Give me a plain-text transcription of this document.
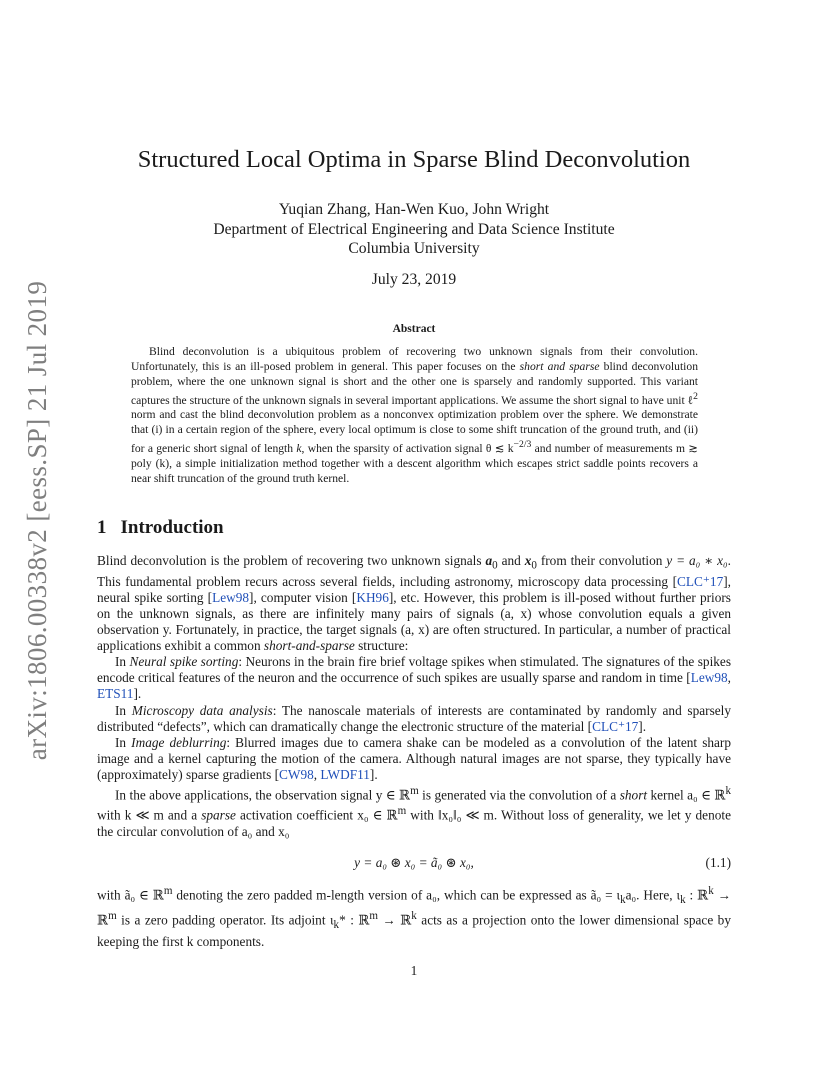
arXiv:1806.00338v2 [eess.SP] 21 Jul 2019
Structured Local Optima in Sparse Blind Deconvolution
Yuqian Zhang, Han-Wen Kuo, John Wright
Department of Electrical Engineering and Data Science Institute
Columbia University
July 23, 2019
Abstract

Blind deconvolution is a ubiquitous problem of recovering two unknown signals from their convolution. Unfortunately, this is an ill-posed problem in general. This paper focuses on the short and sparse blind deconvolution problem, where the one unknown signal is short and the other one is sparsely and randomly supported. This variant captures the structure of the unknown signals in several important applications. We assume the short signal to have unit ℓ$^2$ norm and cast the blind deconvolution problem as a nonconvex optimization problem over the sphere. We demonstrate that (i) in a certain region of the sphere, every local optimum is close to some shift truncation of the ground truth, and (ii) for a generic short signal of length k, when the sparsity of activation signal θ ≲ $k^{-2/3}$ and number of measurements m ≳ poly (k), a simple initialization method together with a descent algorithm which escapes strict saddle points recovers a near shift truncation of the ground truth kernel.

1 Introduction

Blind deconvolution is the problem of recovering two unknown signals $a_0$ and $x_0$ from their convolution y = a₀ ∗ x₀. This fundamental problem recurs across several fields, including astronomy, microscopy data processing [CLC⁺17], neural spike sorting [Lew98], computer vision [KH96], etc. However, this problem is ill-posed without further priors on the unknown signals, as there are infinitely many pairs of signals (a, x) whose convolution equals a given observation y. Fortunately, in practice, the target signals (a, x) are often structured. In particular, a number of practical applications exhibit a common short-and-sparse structure:

In Neural spike sorting: Neurons in the brain fire brief voltage spikes when stimulated. The signatures of the spikes encode critical features of the neuron and the occurrence of such spikes are usually sparse and random in time [Lew98, ETS11].

In Microscopy data analysis: The nanoscale materials of interests are contaminated by randomly and sparsely distributed “defects”, which can dramatically change the electronic structure of the material [CLC⁺17].

In Image deblurring: Blurred images due to camera shake can be modeled as a convolution of the latent sharp image and a kernel capturing the motion of the camera. Although natural images are not sparse, they typically have (approximately) sparse gradients [CW98, LWDF11].

In the above applications, the observation signal y ∈ ℝ$^m$ is generated via the convolution of a short kernel a₀ ∈ ℝ$^k$ with k ≪ m and a sparse activation coefficient x₀ ∈ ℝ$^m$ with ‖x₀‖₀ ≪ m. Without loss of generality, we let y denote the circular convolution of a₀ and x₀

y = a₀ ⊛ x₀ = ã₀ ⊛ x₀,	(1.1)

with ã₀ ∈ ℝ$^m$ denoting the zero padded m-length version of a₀, which can be expressed as ã₀ = $\iota_ka_0$. Here, $\iota_k$ : ℝ$^k$ → ℝ$^m$ is a zero padding operator. Its adjoint $\iota_k*$ : ℝ$^m$ → ℝ$^k$ acts as a projection onto the lower dimensional space by keeping the first k components.

1
